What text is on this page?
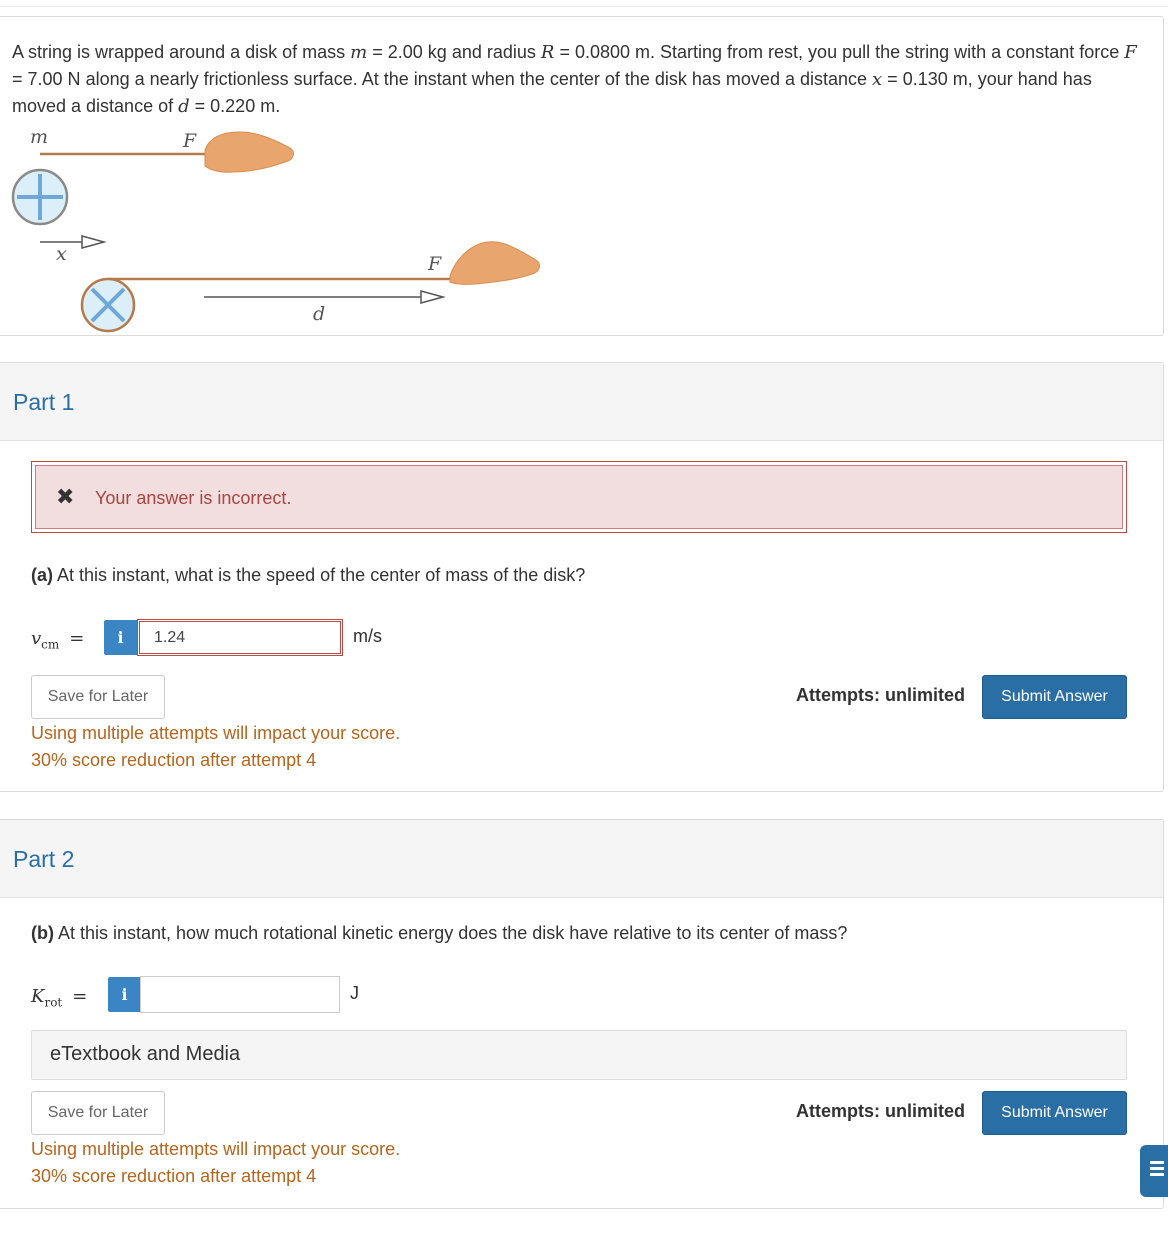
A string is wrapped around a disk of mass m = 2.00 kg and radius R = 0.0800 m. Starting from rest, you pull the string with a constant force F = 7.00 N along a nearly frictionless surface. At the instant when the center of the disk has moved a distance x = 0.130 m, your hand has moved a distance of d = 0.220 m.
m	F
x	F
d
Part 1
✖ Your answer is incorrect.
(a) At this instant, what is the speed of the center of mass of the disk?
$v_{cm}$ =	i
1.24	m/s
Save for Later	Attempts: unlimited	Submit Answer
Using multiple attempts will impact your score.
30% score reduction after attempt 4
Part 2
(b) At this instant, how much rotational kinetic energy does the disk have relative to its center of mass?
$K_{rot}$ =	i	J
eTextbook and Media
Save for Later	Attempts: unlimited	Submit Answer
Using multiple attempts will impact your score.
30% score reduction after attempt 4
